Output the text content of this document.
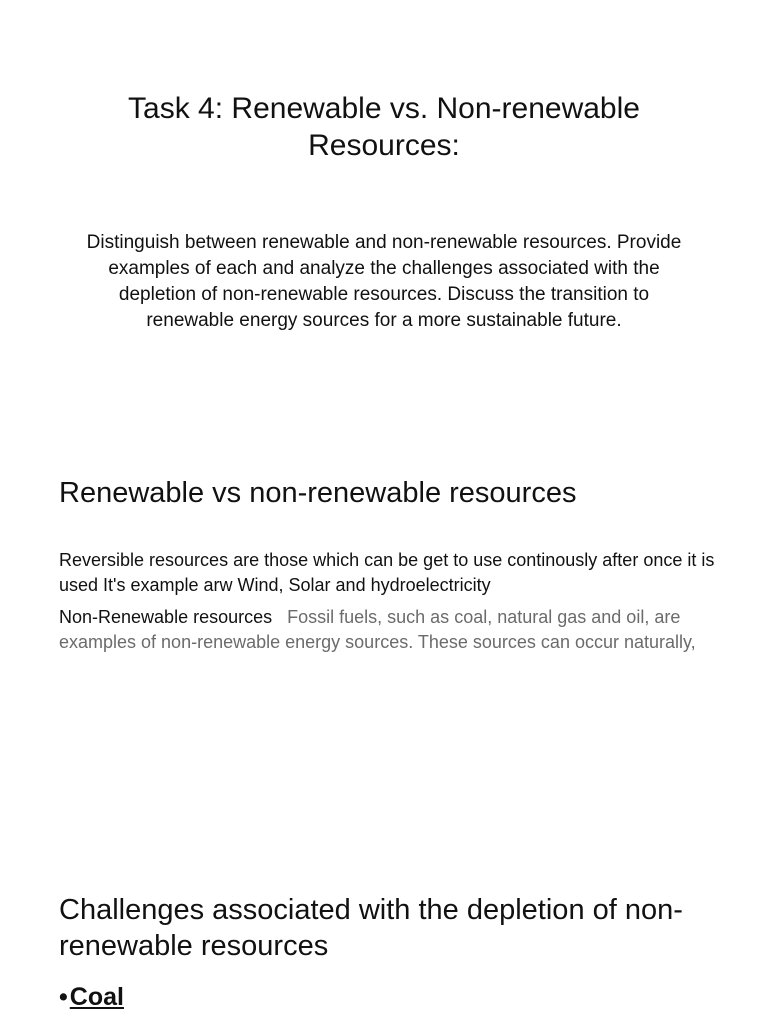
Task 4: Renewable vs. Non-renewable Resources:

Distinguish between renewable and non-renewable resources. Provide examples of each and analyze the challenges associated with the depletion of non-renewable resources. Discuss the transition to renewable energy sources for a more sustainable future.

Renewable vs non-renewable resources

Reversible resources are those which can be get to use continously after once it is used It's example arw Wind, Solar and hydroelectricity

Non-Renewable resources Fossil fuels, such as coal, natural gas and oil, are examples of non-renewable energy sources. These sources can occur naturally,

Challenges associated with the depletion of non-renewable resources

•Coal
